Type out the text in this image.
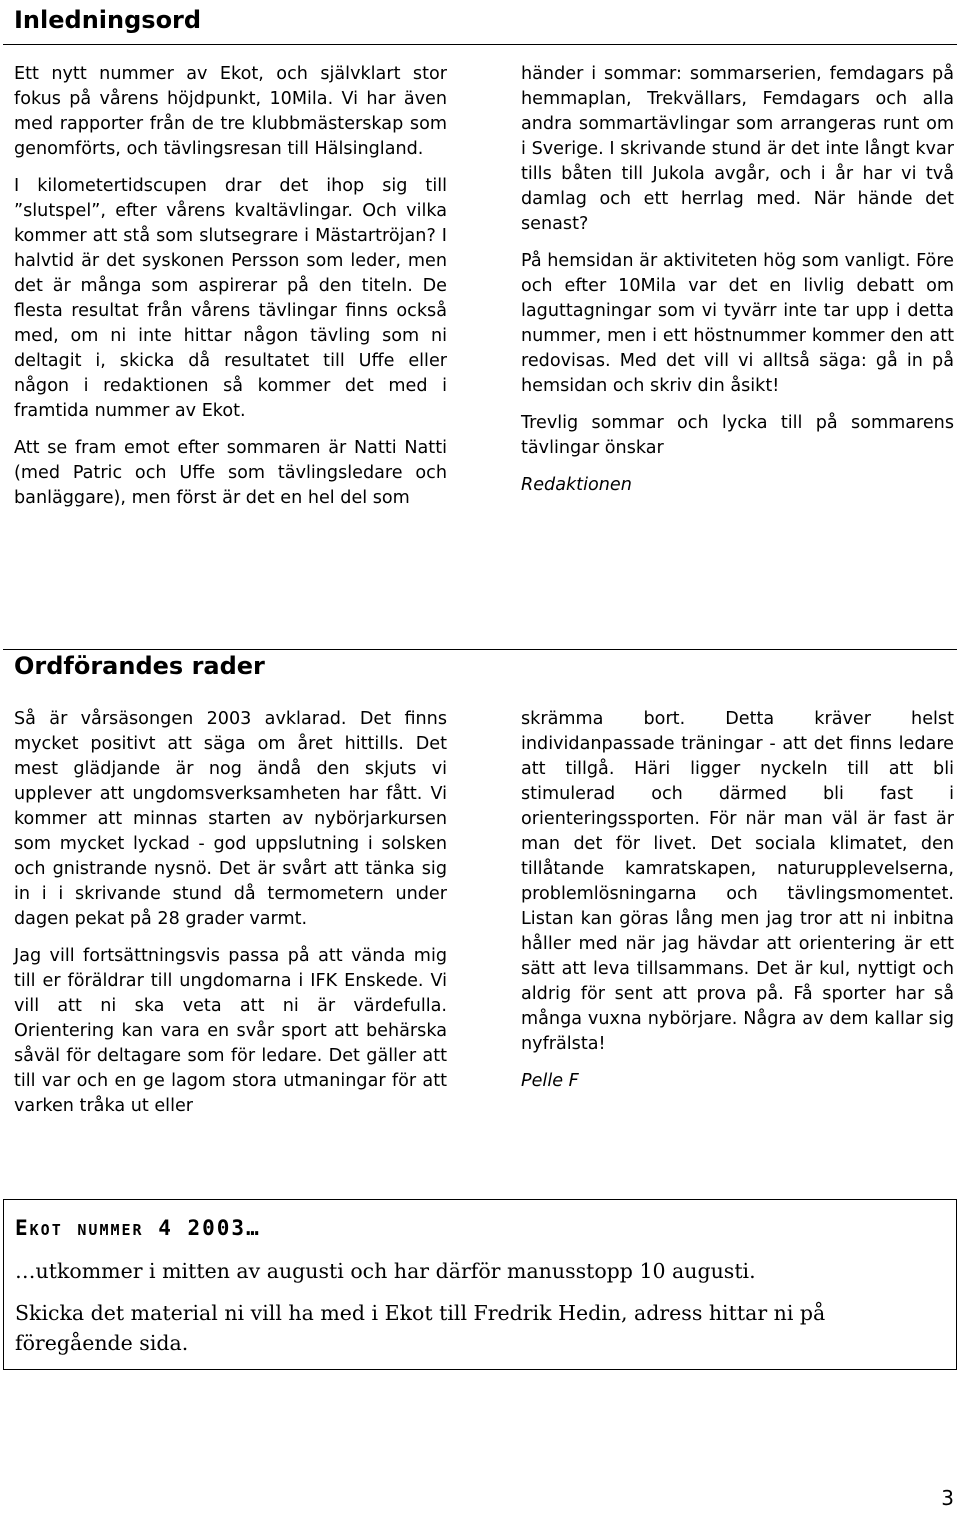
Inledningsord

Ett nytt nummer av Ekot, och självklart stor fokus på vårens höjdpunkt, 10Mila. Vi har även med rapporter från de tre klubbmästerskap som genomförts, och tävlingsresan till Hälsingland.

I kilometertidscupen drar det ihop sig till ”slutspel”, efter vårens kvaltävlingar. Och vilka kommer att stå som slutsegrare i Mästartröjan? I halvtid är det syskonen Persson som leder, men det är många som aspirerar på den titeln. De flesta resultat från vårens tävlingar finns också med, om ni inte hittar någon tävling som ni deltagit i, skicka då resultatet till Uffe eller någon i redaktionen så kommer det med i framtida nummer av Ekot.

Att se fram emot efter sommaren är Natti Natti (med Patric och Uffe som tävlingsledare och banläggare), men först är det en hel del som

händer i sommar: sommarserien, femdagars på hemmaplan, Trekvällars, Femdagars och alla andra sommartävlingar som arrangeras runt om i Sverige. I skrivande stund är det inte långt kvar tills båten till Jukola avgår, och i år har vi två damlag och ett herrlag med. När hände det senast?

På hemsidan är aktiviteten hög som vanligt. Före och efter 10Mila var det en livlig debatt om laguttagningar som vi tyvärr inte tar upp i detta nummer, men i ett höstnummer kommer den att redovisas. Med det vill vi alltså säga: gå in på hemsidan och skriv din åsikt!

Trevlig sommar och lycka till på sommarens tävlingar önskar

Redaktionen

Ordförandes rader

Så är vårsäsongen 2003 avklarad. Det finns mycket positivt att säga om året hittills. Det mest glädjande är nog ändå den skjuts vi upplever att ungdomsverksamheten har fått. Vi kommer att minnas starten av nybörjarkursen som mycket lyckad - god uppslutning i solsken och gnistrande nysnö. Det är svårt att tänka sig in i i skrivande stund då termometern under dagen pekat på 28 grader varmt.

Jag vill fortsättningsvis passa på att vända mig till er föräldrar till ungdomarna i IFK Enskede. Vi vill att ni ska veta att ni är värdefulla. Orientering kan vara en svår sport att behärska såväl för deltagare som för ledare. Det gäller att till var och en ge lagom stora utmaningar för att varken tråka ut eller

skrämma bort. Detta kräver helst individanpassade träningar - att det finns ledare att tillgå. Häri ligger nyckeln till att bli stimulerad och därmed bli fast i orienteringssporten. För när man väl är fast är man det för livet. Det sociala klimatet, den tillåtande kamratskapen, naturupplevelserna, problemlösningarna och tävlingsmomentet. Listan kan göras lång men jag tror att ni inbitna håller med när jag hävdar att orientering är ett sätt att leva tillsammans. Det är kul, nyttigt och aldrig för sent att prova på. Få sporter har så många vuxna nybörjare. Några av dem kallar sig nyfrälsta!

Pelle F

Ekot nummer 4 2003…

…utkommer i mitten av augusti och har därför manusstopp 10 augusti.

Skicka det material ni vill ha med i Ekot till Fredrik Hedin, adress hittar ni på föregående sida.

3
